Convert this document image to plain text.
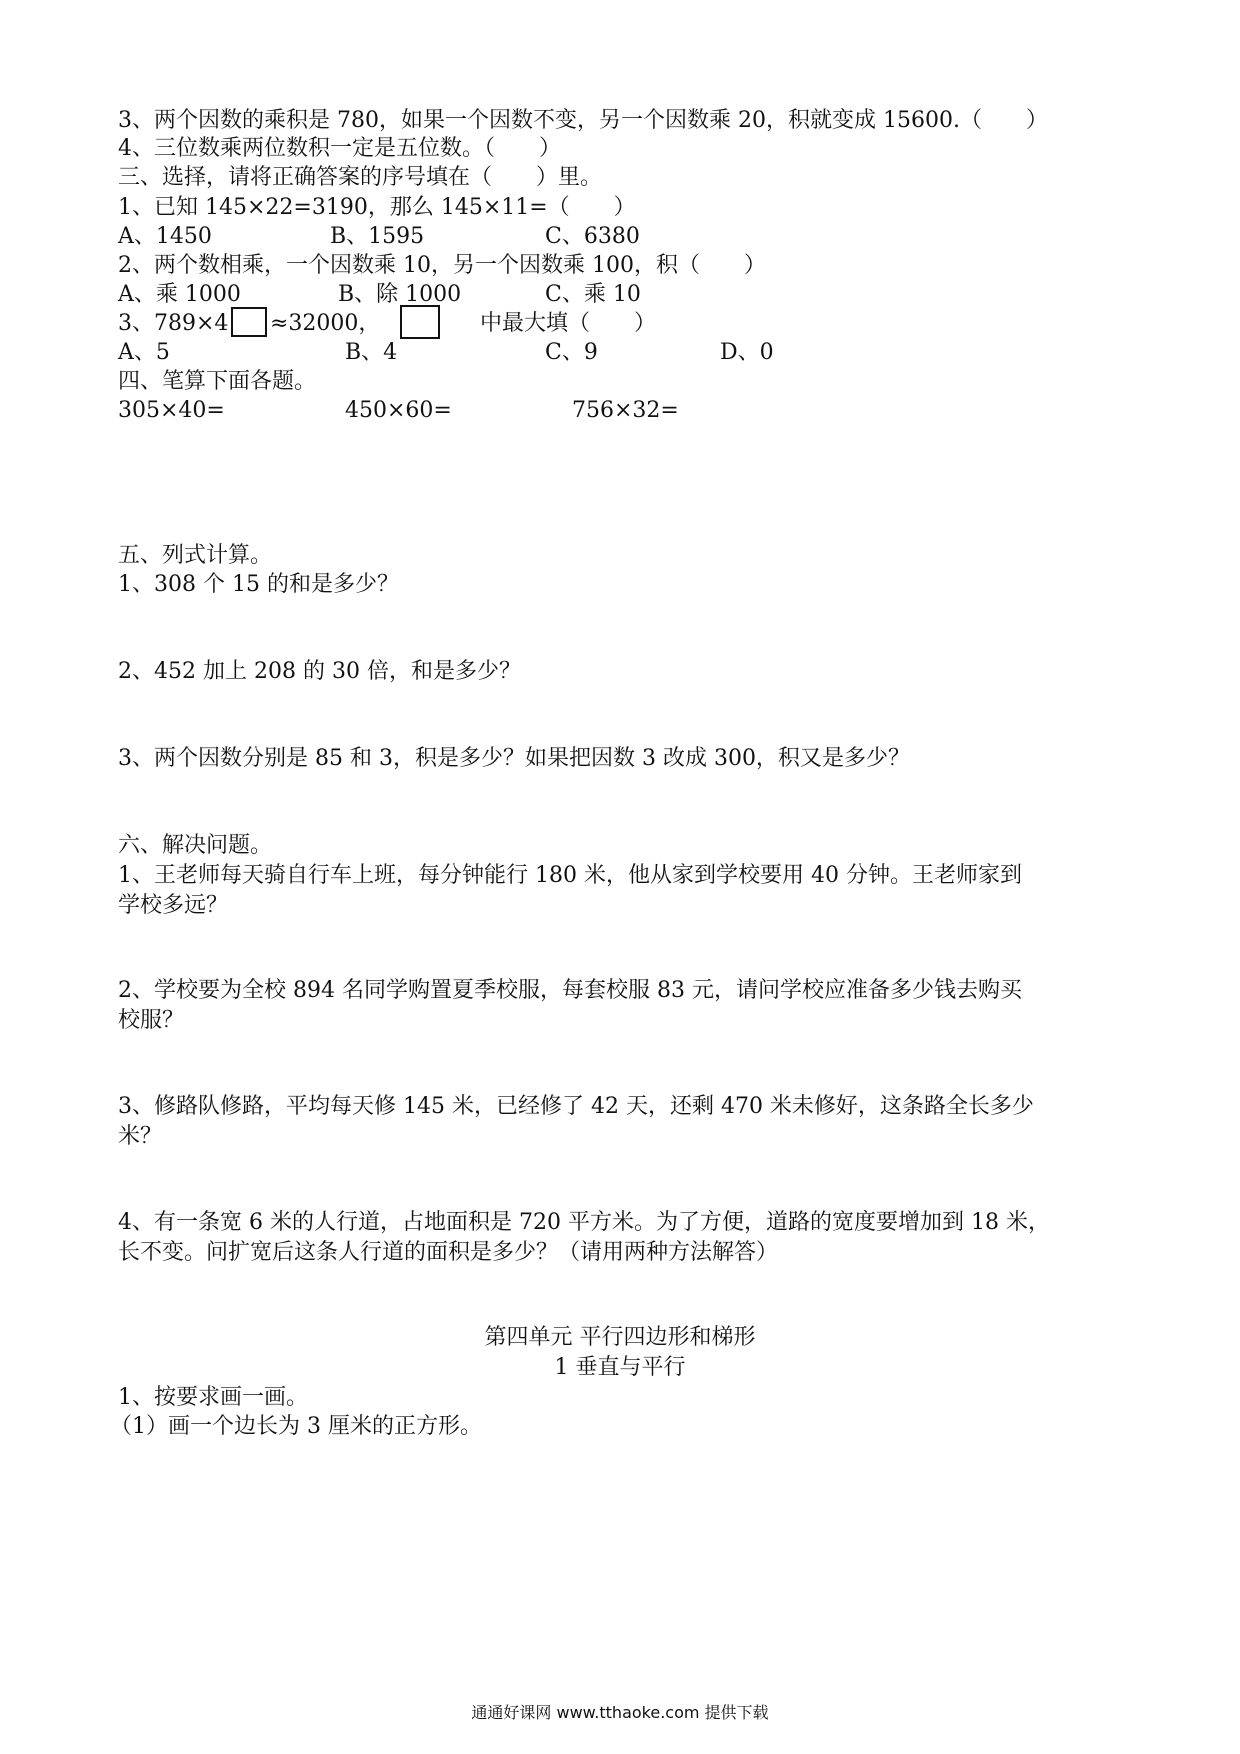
3、两个因数的乘积是 780，如果一个因数不变，另一个因数乘 20，积就变成 15600.（　　）
4、三位数乘两位数积一定是五位数。（　　）
三、选择，请将正确答案的序号填在（　　）里。
1、已知 145×22=3190，那么 145×11=（　　）
A、1450	B、1595	C、6380
2、两个数相乘，一个因数乘 10，另一个因数乘 100，积（　　）
A、乘 1000	B、除 1000	C、乘 10
3、789×4 ≈32000，	中最大填（　　）
A、5	B、4	C、9	D、0
四、笔算下面各题。
305×40=	450×60=	756×32=
五、列式计算。
1、308 个 15 的和是多少？
2、452 加上 208 的 30 倍，和是多少？
3、两个因数分别是 85 和 3，积是多少？如果把因数 3 改成 300，积又是多少？
六、解决问题。
1、王老师每天骑自行车上班，每分钟能行 180 米，他从家到学校要用 40 分钟。王老师家到
学校多远？
2、学校要为全校 894 名同学购置夏季校服，每套校服 83 元，请问学校应准备多少钱去购买
校服？
3、修路队修路，平均每天修 145 米，已经修了 42 天，还剩 470 米未修好，这条路全长多少
米？
4、有一条宽 6 米的人行道，占地面积是 720 平方米。为了方便，道路的宽度要增加到 18 米，
长不变。问扩宽后这条人行道的面积是多少？（请用两种方法解答）
第四单元 平行四边形和梯形
1 垂直与平行
1、按要求画一画。
（1）画一个边长为 3 厘米的正方形。
通通好课网 www.tthaoke.com 提供下载
